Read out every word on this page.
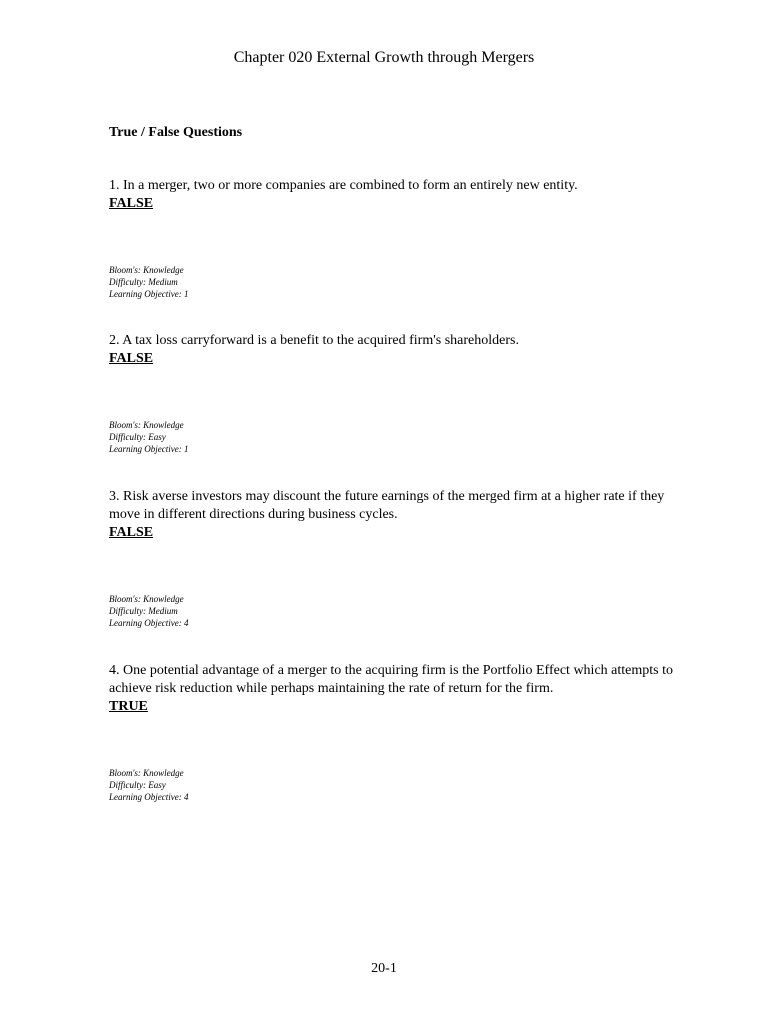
Chapter 020 External Growth through Mergers
True / False Questions
1. In a merger, two or more companies are combined to form an entirely new entity.
FALSE
Bloom's: Knowledge
Difficulty: Medium
Learning Objective: 1
2. A tax loss carryforward is a benefit to the acquired firm's shareholders.
FALSE
Bloom's: Knowledge
Difficulty: Easy
Learning Objective: 1
3. Risk averse investors may discount the future earnings of the merged firm at a higher rate if they move in different directions during business cycles.
FALSE
Bloom's: Knowledge
Difficulty: Medium
Learning Objective: 4
4. One potential advantage of a merger to the acquiring firm is the Portfolio Effect which attempts to achieve risk reduction while perhaps maintaining the rate of return for the firm.
TRUE
Bloom's: Knowledge
Difficulty: Easy
Learning Objective: 4
20-1
